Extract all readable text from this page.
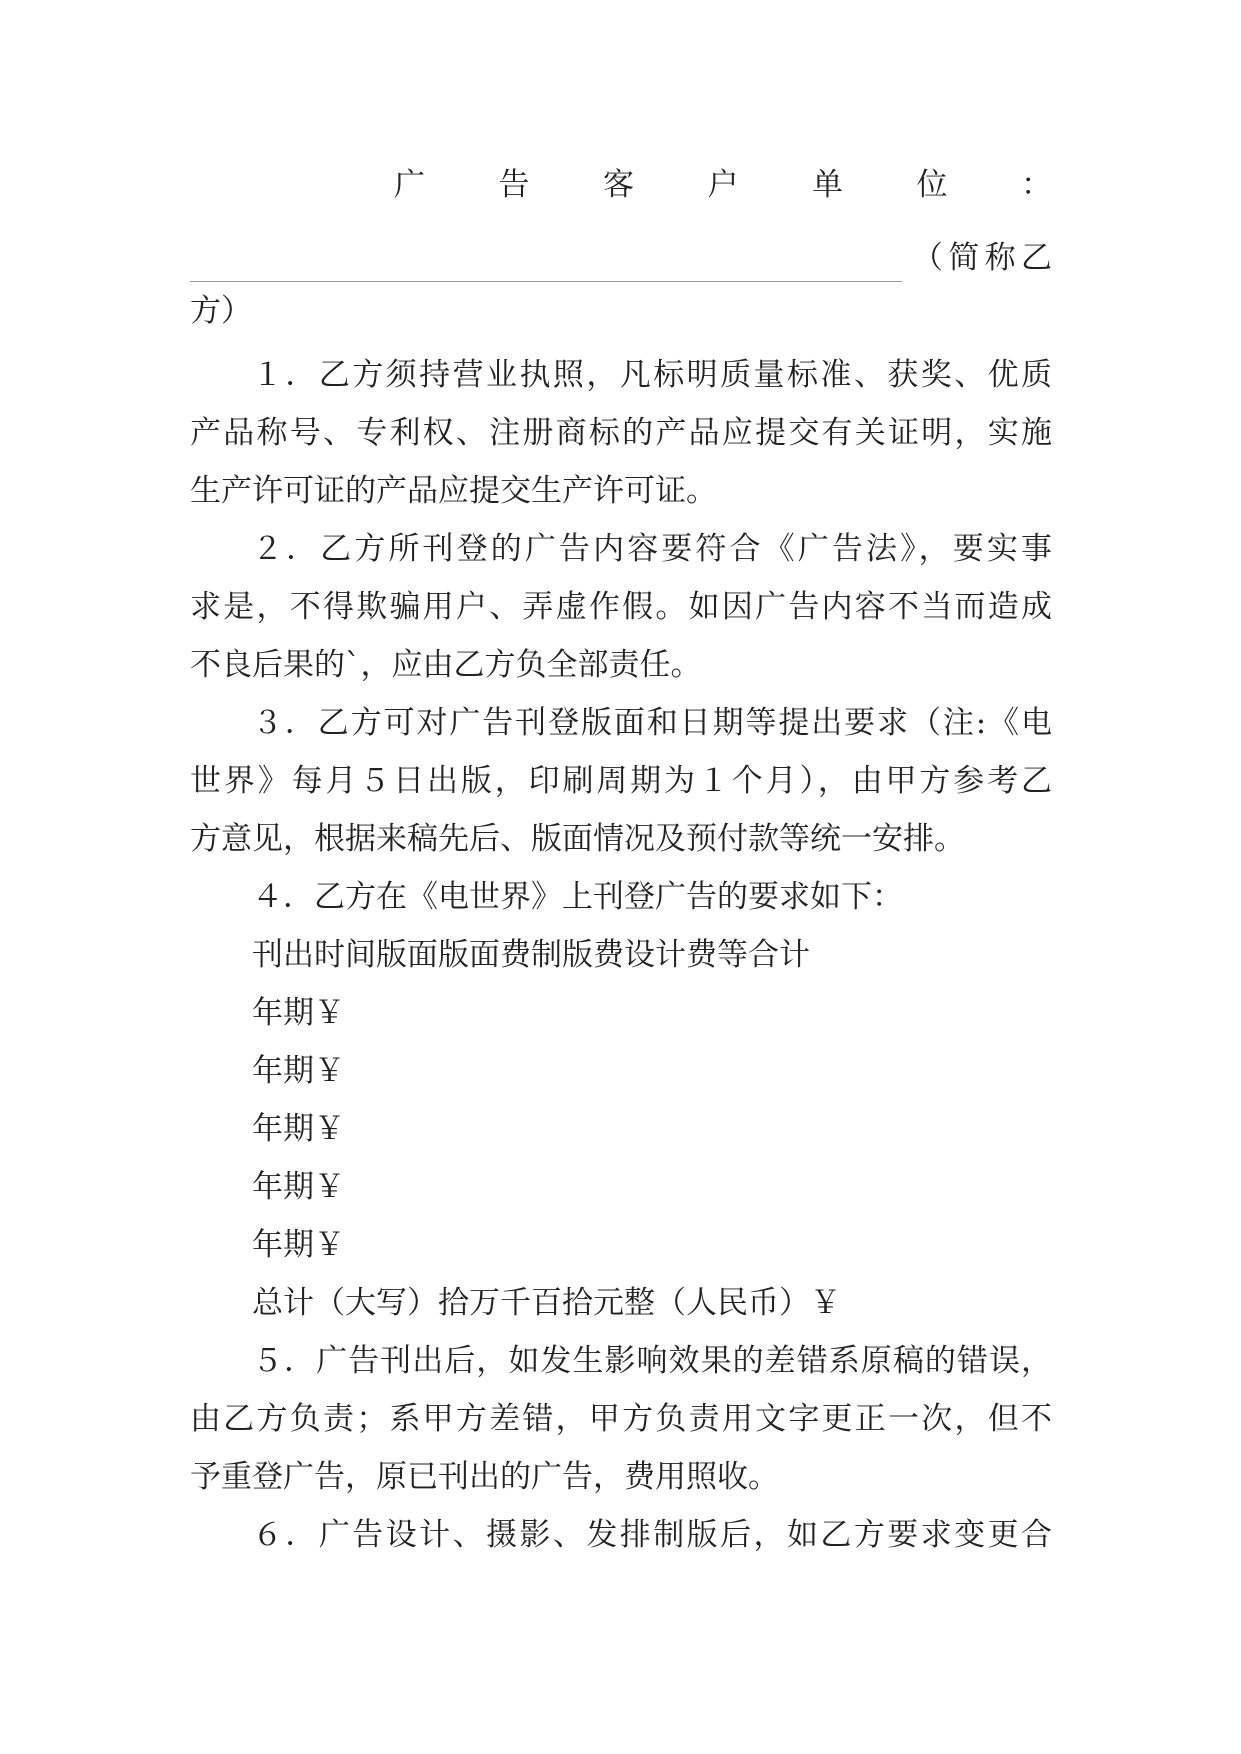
广 告 客 户 单 位 ：
（简称乙
方）
１．乙方须持营业执照，凡标明质量标准、获奖、优质
产品称号、专利权、注册商标的产品应提交有关证明，实施
生产许可证的产品应提交生产许可证。
２．乙方所刊登的广告内容要符合《广告法》，要实事
求是，不得欺骗用户、弄虚作假。如因广告内容不当而造成
不良后果的`，应由乙方负全部责任。
３．乙方可对广告刊登版面和日期等提出要求（注:《电
世界》每月５日出版，印刷周期为１个月），由甲方参考乙
方意见，根据来稿先后、版面情况及预付款等统一安排。
４．乙方在《电世界》上刊登广告的要求如下：
刊出时间版面版面费制版费设计费等合计
年期￥
年期￥
年期￥
年期￥
年期￥
总计（大写）拾万千百拾元整（人民币）￥
５．广告刊出后，如发生影响效果的差错系原稿的错误，
由乙方负责；系甲方差错，甲方负责用文字更正一次，但不
予重登广告，原已刊出的广告，费用照收。
６．广告设计、摄影、发排制版后，如乙方要求变更合
